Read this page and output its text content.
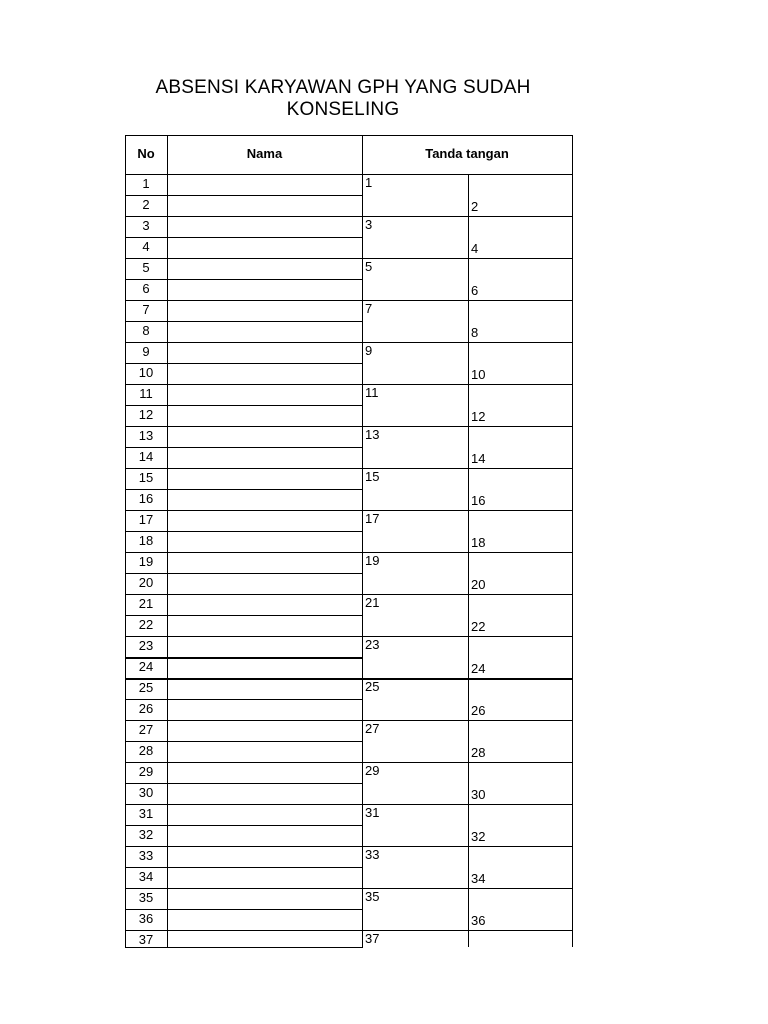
ABSENSI KARYAWAN GPH YANG SUDAH
KONSELING
No	Nama	Tanda tangan
1
2
3
4
5
6
7
8
9
10
11
12
13
14
15
16
17
18
19
20
21
22
23
24
25
26
27
28
29
30
31
32
33
34
35
36
37
1
2
3
4
5
6
7
8
9
10
11
12
13
14
15
16
17
18
19
20
21
22
23
24
25
26
27
28
29
30
31
32
33
34
35
36
37
